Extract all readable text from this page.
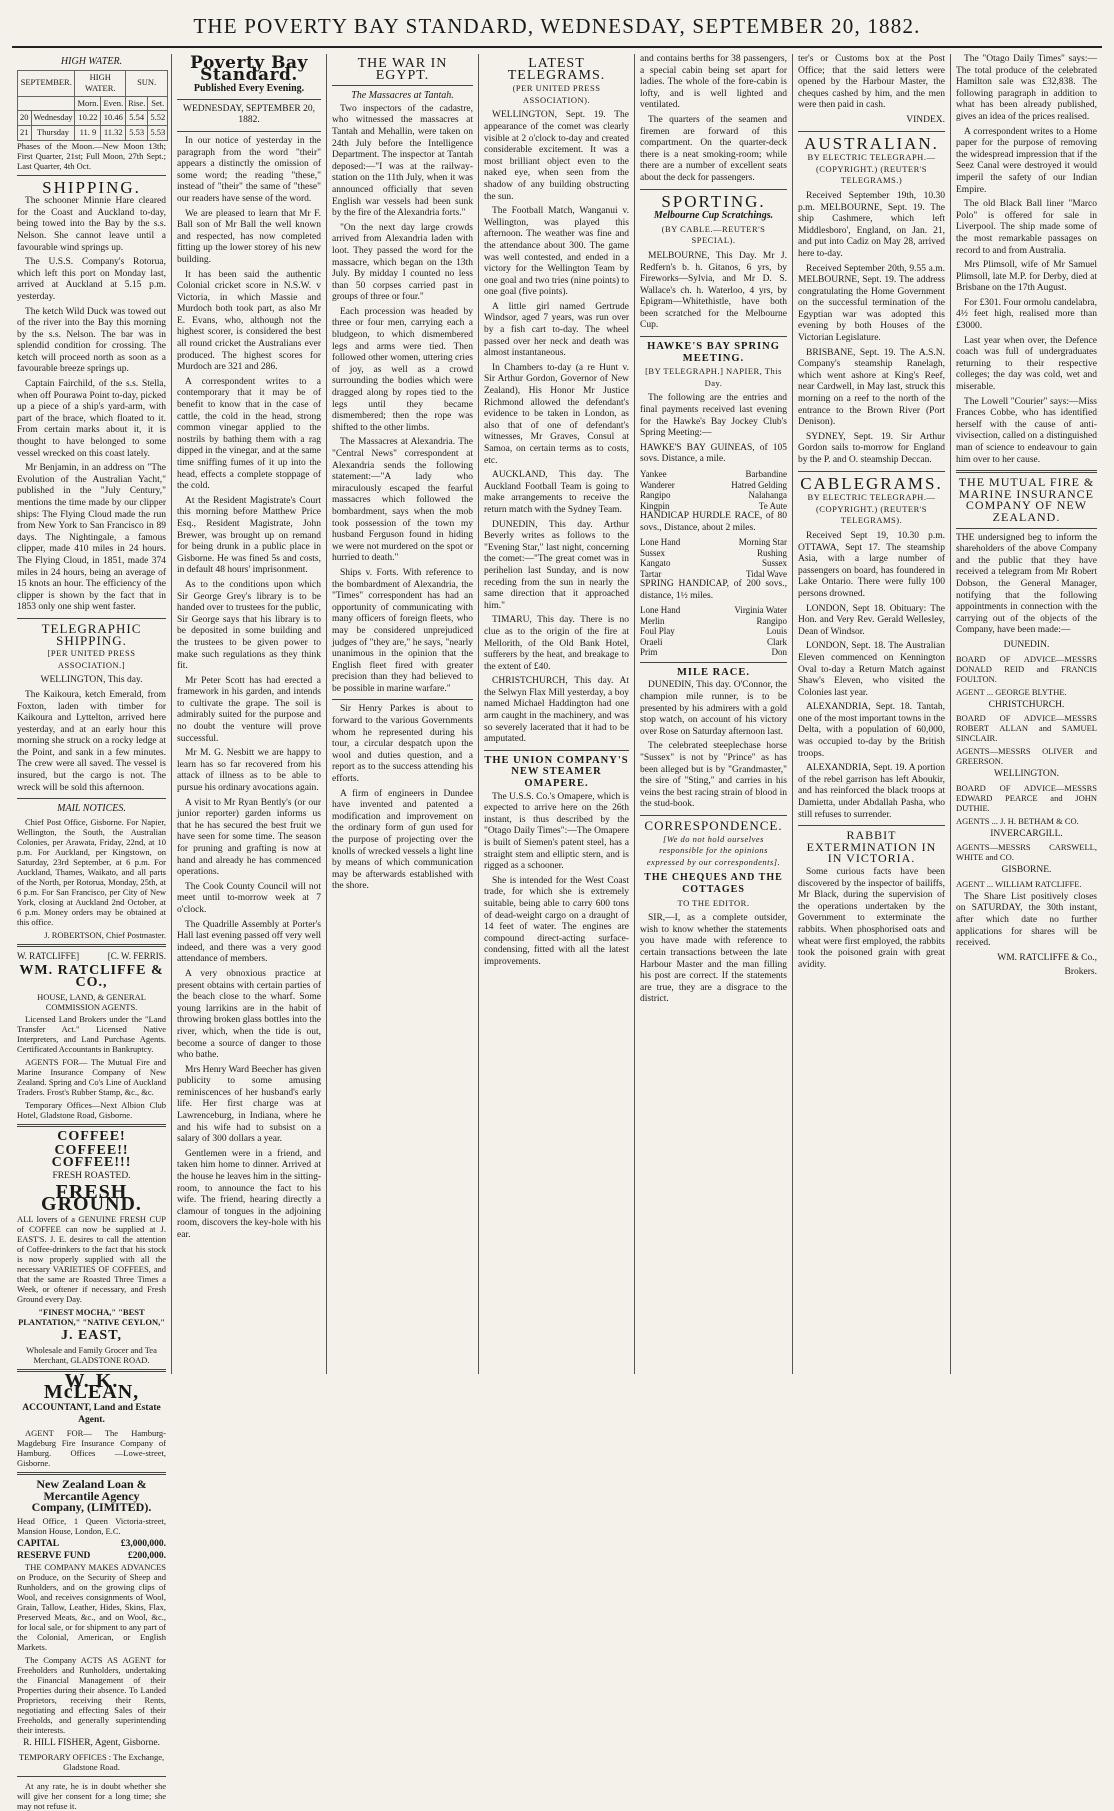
THE POVERTY BAY STANDARD, WEDNESDAY, SEPTEMBER 20, 1882.
HIGH WATER.
SEPTEMBER.		HIGH WATER.		SUN.	
		Morn.	Even.	Rise.	Set.
20	Wednesday	10.22	10.46	5.54	5.52
21	Thursday	11. 9	11.32	5.53	5.53

Phases of the Moon.—New Moon 13th; First Quarter, 21st; Full Moon, 27th Sept.; Last Quarter, 4th Oct.

SHIPPING.

The schooner Minnie Hare cleared for the Coast and Auckland to-day, being towed into the Bay by the s.s. Nelson. She cannot leave until a favourable wind springs up.

The U.S.S. Company's Rotorua, which left this port on Monday last, arrived at Auckland at 5.15 p.m. yesterday.

The ketch Wild Duck was towed out of the river into the Bay this morning by the s.s. Nelson. The bar was in splendid condition for crossing. The ketch will proceed north as soon as a favourable breeze springs up.

Captain Fairchild, of the s.s. Stella, when off Pourawa Point to-day, picked up a piece of a ship's yard-arm, with part of the brace, which floated to it. From certain marks about it, it is thought to have belonged to some vessel wrecked on this coast lately.

Mr Benjamin, in an address on "The Evolution of the Australian Yacht," published in the "July Century," mentions the time made by our clipper ships: The Flying Cloud made the run from New York to San Francisco in 89 days. The Nightingale, a famous clipper, made 410 miles in 24 hours. The Flying Cloud, in 1851, made 374 miles in 24 hours, being an average of 15 knots an hour. The efficiency of the clipper is shown by the fact that in 1853 only one ship went faster.

TELEGRAPHIC SHIPPING.
[PER UNITED PRESS ASSOCIATION.]
WELLINGTON, This day.

The Kaikoura, ketch Emerald, from Foxton, laden with timber for Kaikoura and Lyttelton, arrived here yesterday, and at an early hour this morning she struck on a rocky ledge at the Point, and sank in a few minutes. The crew were all saved. The vessel is insured, but the cargo is not. The wreck will be sold this afternoon.

MAIL NOTICES.

Chief Post Office, Gisborne. For Napier, Wellington, the South, the Australian Colonies, per Arawata, Friday, 22nd, at 10 p.m. For Auckland, per Kingstown, on Saturday, 23rd September, at 6 p.m. For Auckland, Thames, Waikato, and all parts of the North, per Rotorua, Monday, 25th, at 6 p.m. For San Francisco, per City of New York, closing at Auckland 2nd October, at 6 p.m. Money orders may be obtained at this office.

J. ROBERTSON, Chief Postmaster.

W. RATCLIFFE]	[C. W. FERRIS.
WM. RATCLIFFE & CO.,
HOUSE, LAND, & GENERAL COMMISSION AGENTS.

Licensed Land Brokers under the "Land Transfer Act." Licensed Native Interpreters, and Land Purchase Agents. Certificated Accountants in Bankruptcy.

AGENTS FOR— The Mutual Fire and Marine Insurance Company of New Zealand. Spring and Co's Line of Auckland Traders. Frost's Rubber Stamp, &c., &c.

Temporary Offices—Next Albion Club Hotel, Gladstone Road, Gisborne.

COFFEE!
COFFEE!! COFFEE!!!
FRESH ROASTED.
FRESH GROUND.

ALL lovers of a GENUINE FRESH CUP of COFFEE can now be supplied at J. EAST'S. J. E. desires to call the attention of Coffee-drinkers to the fact that his stock is now properly supplied with all the necessary VARIETIES OF COFFEES, and that the same are Roasted Three Times a Week, or oftener if necessary, and Fresh Ground every Day.

"FINEST MOCHA," "BEST PLANTATION," "NATIVE CEYLON,"
J. EAST,
Wholesale and Family Grocer and Tea Merchant, GLADSTONE ROAD.
W. K. McLEAN,
ACCOUNTANT, Land and Estate Agent.

AGENT FOR— The Hamburg-Magdeburg Fire Insurance Company of Hamburg. Offices —Lowe-street, Gisborne.

New Zealand Loan & Mercantile Agency Company, (LIMITED).

Head Office, 1 Queen Victoria-street, Mansion House, London, E.C.

CAPITAL	£3,000,000.
RESERVE FUND	£200,000.

THE COMPANY MAKES ADVANCES on Produce, on the Security of Sheep and Runholders, and on the growing clips of Wool, and receives consignments of Wool, Grain, Tallow, Leather, Hides, Skins, Flax, Preserved Meats, &c., and on Wool, &c., for local sale, or for shipment to any part of the Colonial, American, or English Markets.

The Company ACTS AS AGENT for Freeholders and Runholders, undertaking the Financial Management of their Properties during their absence. To Landed Proprietors, receiving their Rents, negotiating and effecting Sales of their Freeholds, and generally superintending their interests.

R. HILL FISHER, Agent, Gisborne.
TEMPORARY OFFICES : The Exchange, Gladstone Road.

At any rate, he is in doubt whether she will give her consent for a long time; she may not refuse it.

Poverty Bay Standard.
Published Every Evening.
WEDNESDAY, SEPTEMBER 20, 1882.

In our notice of yesterday in the paragraph from the word "their" appears a distinctly the omission of some word; the reading "these," instead of "their" the same of "these" our readers have sense of the word.

We are pleased to learn that Mr F. Ball son of Mr Ball the well known and respected, has now completed fitting up the lower storey of his new building.

It has been said the authentic Colonial cricket score in N.S.W. v Victoria, in which Massie and Murdoch both took part, as also Mr E. Evans, who, although not the highest scorer, is considered the best all round cricket the Australians ever produced. The highest scores for Murdoch are 321 and 286.

A correspondent writes to a contemporary that it may be of benefit to know that in the case of cattle, the cold in the head, strong common vinegar applied to the nostrils by bathing them with a rag dipped in the vinegar, and at the same time sniffing fumes of it up into the head, effects a complete stoppage of the cold.

At the Resident Magistrate's Court this morning before Matthew Price Esq., Resident Magistrate, John Brewer, was brought up on remand for being drunk in a public place in Gisborne. He was fined 5s and costs, in default 48 hours' imprisonment.

As to the conditions upon which Sir George Grey's library is to be handed over to trustees for the public, Sir George says that his library is to be deposited in some building and the trustees to be given power to make such regulations as they think fit.

Mr Peter Scott has had erected a framework in his garden, and intends to cultivate the grape. The soil is admirably suited for the purpose and no doubt the venture will prove successful.

Mr M. G. Nesbitt we are happy to learn has so far recovered from his attack of illness as to be able to pursue his ordinary avocations again.

A visit to Mr Ryan Bently's (or our junior reporter) garden informs us that he has secured the best fruit we have seen for some time. The season for pruning and grafting is now at hand and already he has commenced operations.

The Cook County Council will not meet until to-morrow week at 7 o'clock.

The Quadrille Assembly at Porter's Hall last evening passed off very well indeed, and there was a very good attendance of members.

A very obnoxious practice at present obtains with certain parties of the beach close to the wharf. Some young larrikins are in the habit of throwing broken glass bottles into the river, which, when the tide is out, become a source of danger to those who bathe.

Mrs Henry Ward Beecher has given publicity to some amusing reminiscences of her husband's early life. Her first charge was at Lawrenceburg, in Indiana, where he and his wife had to subsist on a salary of 300 dollars a year.

Gentlemen were in a friend, and taken him home to dinner. Arrived at the house he leaves him in the sitting-room, to announce the fact to his wife. The friend, hearing directly a clamour of tongues in the adjoining room, discovers the key-hole with his ear.

THE WAR IN EGYPT.
The Massacres at Tantah.

Two inspectors of the cadastre, who witnessed the massacres at Tantah and Mehallin, were taken on 24th July before the Intelligence Department. The inspector at Tantah deposed:—"I was at the railway-station on the 11th July, when it was announced officially that seven English war vessels had been sunk by the fire of the Alexandria forts."

"On the next day large crowds arrived from Alexandria laden with loot. They passed the word for the massacre, which began on the 13th July. By midday I counted no less than 50 corpses carried past in groups of three or four."

Each procession was headed by three or four men, carrying each a bludgeon, to which dismembered legs and arms were tied. Then followed other women, uttering cries of joy, as well as a crowd surrounding the bodies which were dragged along by ropes tied to the legs until they became dismembered; then the rope was shifted to the other limbs.

The Massacres at Alexandria. The "Central News" correspondent at Alexandria sends the following statement:—"A lady who miraculously escaped the fearful massacres which followed the bombardment, says when the mob took possession of the town my husband Ferguson found in hiding we were not murdered on the spot or hurried to death."

Ships v. Forts. With reference to the bombardment of Alexandria, the "Times" correspondent has had an opportunity of communicating with many officers of foreign fleets, who may be considered unprejudiced judges of "they are," he says, "nearly unanimous in the opinion that the English fleet fired with greater precision than they had believed to be possible in marine warfare."

Sir Henry Parkes is about to forward to the various Governments whom he represented during his tour, a circular despatch upon the wool and duties question, and a report as to the success attending his efforts.

A firm of engineers in Dundee have invented and patented a modification and improvement on the ordinary form of gun used for the purpose of projecting over the knolls of wrecked vessels a light line by means of which communication may be afterwards established with the shore.

LATEST TELEGRAMS.
(PER UNITED PRESS ASSOCIATION).

WELLINGTON, Sept. 19. The appearance of the comet was clearly visible at 2 o'clock to-day and created considerable excitement. It was a most brilliant object even to the naked eye, when seen from the shadow of any building obstructing the sun.

The Football Match, Wanganui v. Wellington, was played this afternoon. The weather was fine and the attendance about 300. The game was well contested, and ended in a victory for the Wellington Team by one goal and two tries (nine points) to one goal (five points).

A little girl named Gertrude Windsor, aged 7 years, was run over by a fish cart to-day. The wheel passed over her neck and death was almost instantaneous.

In Chambers to-day (a re Hunt v. Sir Arthur Gordon, Governor of New Zealand), His Honor Mr Justice Richmond allowed the defendant's evidence to be taken in London, as also that of one of defendant's witnesses, Mr Graves, Consul at Samoa, on certain terms as to costs, etc.

AUCKLAND, This day. The Auckland Football Team is going to make arrangements to receive the return match with the Sydney Team.

DUNEDIN, This day. Arthur Beverly writes as follows to the "Evening Star," last night, concerning the comet:—"The great comet was in perihelion last Sunday, and is now receding from the sun in nearly the same direction that it approached him."

TIMARU, This day. There is no clue as to the origin of the fire at Mellorith, of the Old Bank Hotel, sufferers by the heat, and breakage to the extent of £40.

CHRISTCHURCH, This day. At the Selwyn Flax Mill yesterday, a boy named Michael Haddington had one arm caught in the machinery, and was so severely lacerated that it had to be amputated.

THE UNION COMPANY'S NEW STEAMER OMAPERE.

The U.S.S. Co.'s Omapere, which is expected to arrive here on the 26th instant, is thus described by the "Otago Daily Times":—The Omapere is built of Siemen's patent steel, has a straight stem and elliptic stern, and is rigged as a schooner.

She is intended for the West Coast trade, for which she is extremely suitable, being able to carry 600 tons of dead-weight cargo on a draught of 14 feet of water. The engines are compound direct-acting surface-condensing, fitted with all the latest improvements.

and contains berths for 38 passengers, a special cabin being set apart for ladies. The whole of the fore-cabin is lofty, and is well lighted and ventilated.

The quarters of the seamen and firemen are forward of this compartment. On the quarter-deck there is a neat smoking-room; while there are a number of excellent seats about the deck for passengers.

SPORTING.
Melbourne Cup Scratchings.
(BY CABLE.—REUTER'S SPECIAL).

MELBOURNE, This Day. Mr J. Redfern's b. h. Gitanos, 6 yrs, by Fireworks—Sylvia, and Mr D. S. Wallace's ch. h. Waterloo, 4 yrs, by Epigram—Whitethistle, have both been scratched for the Melbourne Cup.

HAWKE'S BAY SPRING MEETING.
[BY TELEGRAPH.] NAPIER, This Day.

The following are the entries and final payments received last evening for the Hawke's Bay Jockey Club's Spring Meeting:—

HAWKE'S BAY GUINEAS, of 105 sovs. Distance, a mile.

Yankee	Barbandine
Wanderer	Hatred Gelding
Rangipo	Nalahanga
Kingpin	Te Aute

HANDICAP HURDLE RACE, of 80 sovs., Distance, about 2 miles.

Lone Hand	Morning Star
Sussex	Rushing
Kangato	Sussex
Tartar	Tidal Wave

SPRING HANDICAP, of 200 sovs., distance, 1½ miles.

Lone Hand	Virginia Water
Merlin	Rangipo
Foul Play	Louis
Oraeli	Clark
Prim	Don
MILE RACE.

DUNEDIN, This day. O'Connor, the champion mile runner, is to be presented by his admirers with a gold stop watch, on account of his victory over Rose on Saturday afternoon last.

The celebrated steeplechase horse "Sussex" is not by "Prince" as has been alleged but is by "Grandmaster," the sire of "Sting," and carries in his veins the best racing strain of blood in the stud-book.

CORRESPONDENCE.
[We do not hold ourselves responsible for the opinions expressed by our correspondents].
THE CHEQUES AND THE COTTAGES
TO THE EDITOR.

SIR,—I, as a complete outsider, wish to know whether the statements you have made with reference to certain transactions between the late Harbour Master and the man filling his post are correct. If the statements are true, they are a disgrace to the district.

ter's or Customs box at the Post Office; that the said letters were opened by the Harbour Master, the cheques cashed by him, and the men were then paid in cash.

VINDEX.

AUSTRALIAN.
BY ELECTRIC TELEGRAPH.—(COPYRIGHT.) (REUTER'S TELEGRAMS.)

Received September 19th, 10.30 p.m. MELBOURNE, Sept. 19. The ship Cashmere, which left Middlesboro', England, on Jan. 21, and put into Cadiz on May 28, arrived here to-day.

Received September 20th, 9.55 a.m. MELBOURNE, Sept. 19. The address congratulating the Home Government on the successful termination of the Egyptian war was adopted this evening by both Houses of the Victorian Legislature.

BRISBANE, Sept. 19. The A.S.N. Company's steamship Ranelagh, which went ashore at King's Reef, near Cardwell, in May last, struck this morning on a reef to the north of the entrance to the Brown River (Port Denison).

SYDNEY, Sept. 19. Sir Arthur Gordon sails to-morrow for England by the P. and O. steamship Deccan.

CABLEGRAMS.
BY ELECTRIC TELEGRAPH.—(COPYRIGHT.) (REUTER'S TELEGRAMS).

Received Sept 19, 10.30 p.m. OTTAWA, Sept 17. The steamship Asia, with a large number of passengers on board, has foundered in Lake Ontario. There were fully 100 persons drowned.

LONDON, Sept 18. Obituary: The Hon. and Very Rev. Gerald Wellesley, Dean of Windsor.

LONDON, Sept. 18. The Australian Eleven commenced on Kennington Oval to-day a Return Match against Shaw's Eleven, who visited the Colonies last year.

ALEXANDRIA, Sept. 18. Tantah, one of the most important towns in the Delta, with a population of 60,000, was occupied to-day by the British troops.

ALEXANDRIA, Sept. 19. A portion of the rebel garrison has left Aboukir, and has reinforced the black troops at Damietta, under Abdallah Pasha, who still refuses to surrender.

RABBIT EXTERMINATION IN IN VICTORIA.

Some curious facts have been discovered by the inspector of bailiffs, Mr Black, during the supervision of the operations undertaken by the Government to exterminate the rabbits. When phosphorised oats and wheat were first employed, the rabbits took the poisoned grain with great avidity.

The "Otago Daily Times" says:—The total produce of the celebrated Hamilton sale was £32,838. The following paragraph in addition to what has been already published, gives an idea of the prices realised.

A correspondent writes to a Home paper for the purpose of removing the widespread impression that if the Seez Canal were destroyed it would imperil the safety of our Indian Empire.

The old Black Ball liner "Marco Polo" is offered for sale in Liverpool. The ship made some of the most remarkable passages on record to and from Australia.

Mrs Plimsoll, wife of Mr Samuel Plimsoll, late M.P. for Derby, died at Brisbane on the 17th August.

For £301. Four ormolu candelabra, 4½ feet high, realised more than £3000.

Last year when over, the Defence coach was full of undergraduates returning to their respective colleges; the day was cold, wet and miserable.

The Lowell "Courier" says:—Miss Frances Cobbe, who has identified herself with the cause of anti-vivisection, called on a distinguished man of science to endeavour to gain him over to her cause.

THE MUTUAL FIRE & MARINE INSURANCE COMPANY OF NEW ZEALAND.

THE undersigned beg to inform the shareholders of the above Company and the public that they have received a telegram from Mr Robert Dobson, the General Manager, notifying that the following appointments in connection with the carrying out of the objects of the Company, have been made:—

DUNEDIN.

BOARD OF ADVICE—MESSRS DONALD REID and FRANCIS FOULTON.

AGENT ... GEORGE BLYTHE.

CHRISTCHURCH.

BOARD OF ADVICE—MESSRS ROBERT ALLAN and SAMUEL SINCLAIR.

AGENTS—MESSRS OLIVER and GREERSON.

WELLINGTON.

BOARD OF ADVICE—MESSRS EDWARD PEARCE and JOHN DUTHIE.

AGENTS ... J. H. BETHAM & CO.

INVERCARGILL.

AGENTS—MESSRS CARSWELL, WHITE and CO.

GISBORNE.

AGENT ... WILLIAM RATCLIFFE.

The Share List positively closes on SATURDAY, the 30th instant, after which date no further applications for shares will be received.

WM. RATCLIFFE & Co.,

Brokers.
